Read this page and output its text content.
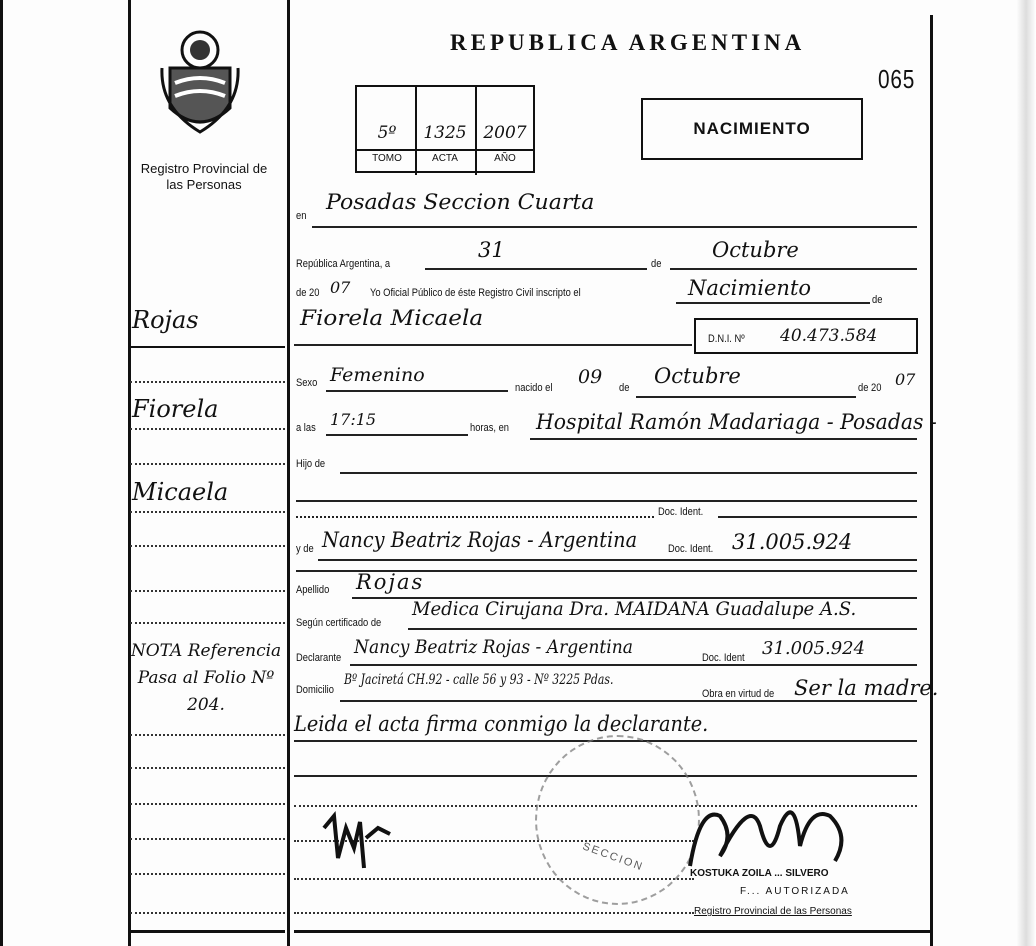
Registro Provincial de las Personas
REPUBLICA ARGENTINA
065
5º	1325 2007
TOMO	ACTA	AÑO
NACIMIENTO
Rojas
Fiorela
Micaela
NOTA Referencia Pasa al Folio Nº 204.
en
Posadas Seccion Cuarta
República Argentina, a
31
de
Octubre
de 20 07 Yo Oficial Público de éste Registro Civil inscripto el	Nacimiento	de
Fiorela Micaela
D.N.I. Nº 40.473.584
Sexo Femenino
nacido el 09 de Octubre	de 20 07
a las 17:15	horas, en Hospital Ramón Madariaga - Posadas -
Hijo de
Doc. Ident.
y de Nancy Beatriz Rojas - Argentina	Doc. Ident. 31.005.924
Apellido Rojas
Según certificado de
Medica Cirujana Dra. MAIDANA Guadalupe A.S.
Declarante Nancy Beatriz Rojas - Argentina	Doc. Ident 31.005.924
Domicilio
Bº Jaciretá CH.92 - calle 56 y 93 - Nº 3225 Pdas.
Obra en virtud de Ser la madre.
Leida el acta firma conmigo la declarante.
SECCION	KOSTUKA ZOILA ... SILVERO
F... AUTORIZADA
Registro Provincial de las Personas
